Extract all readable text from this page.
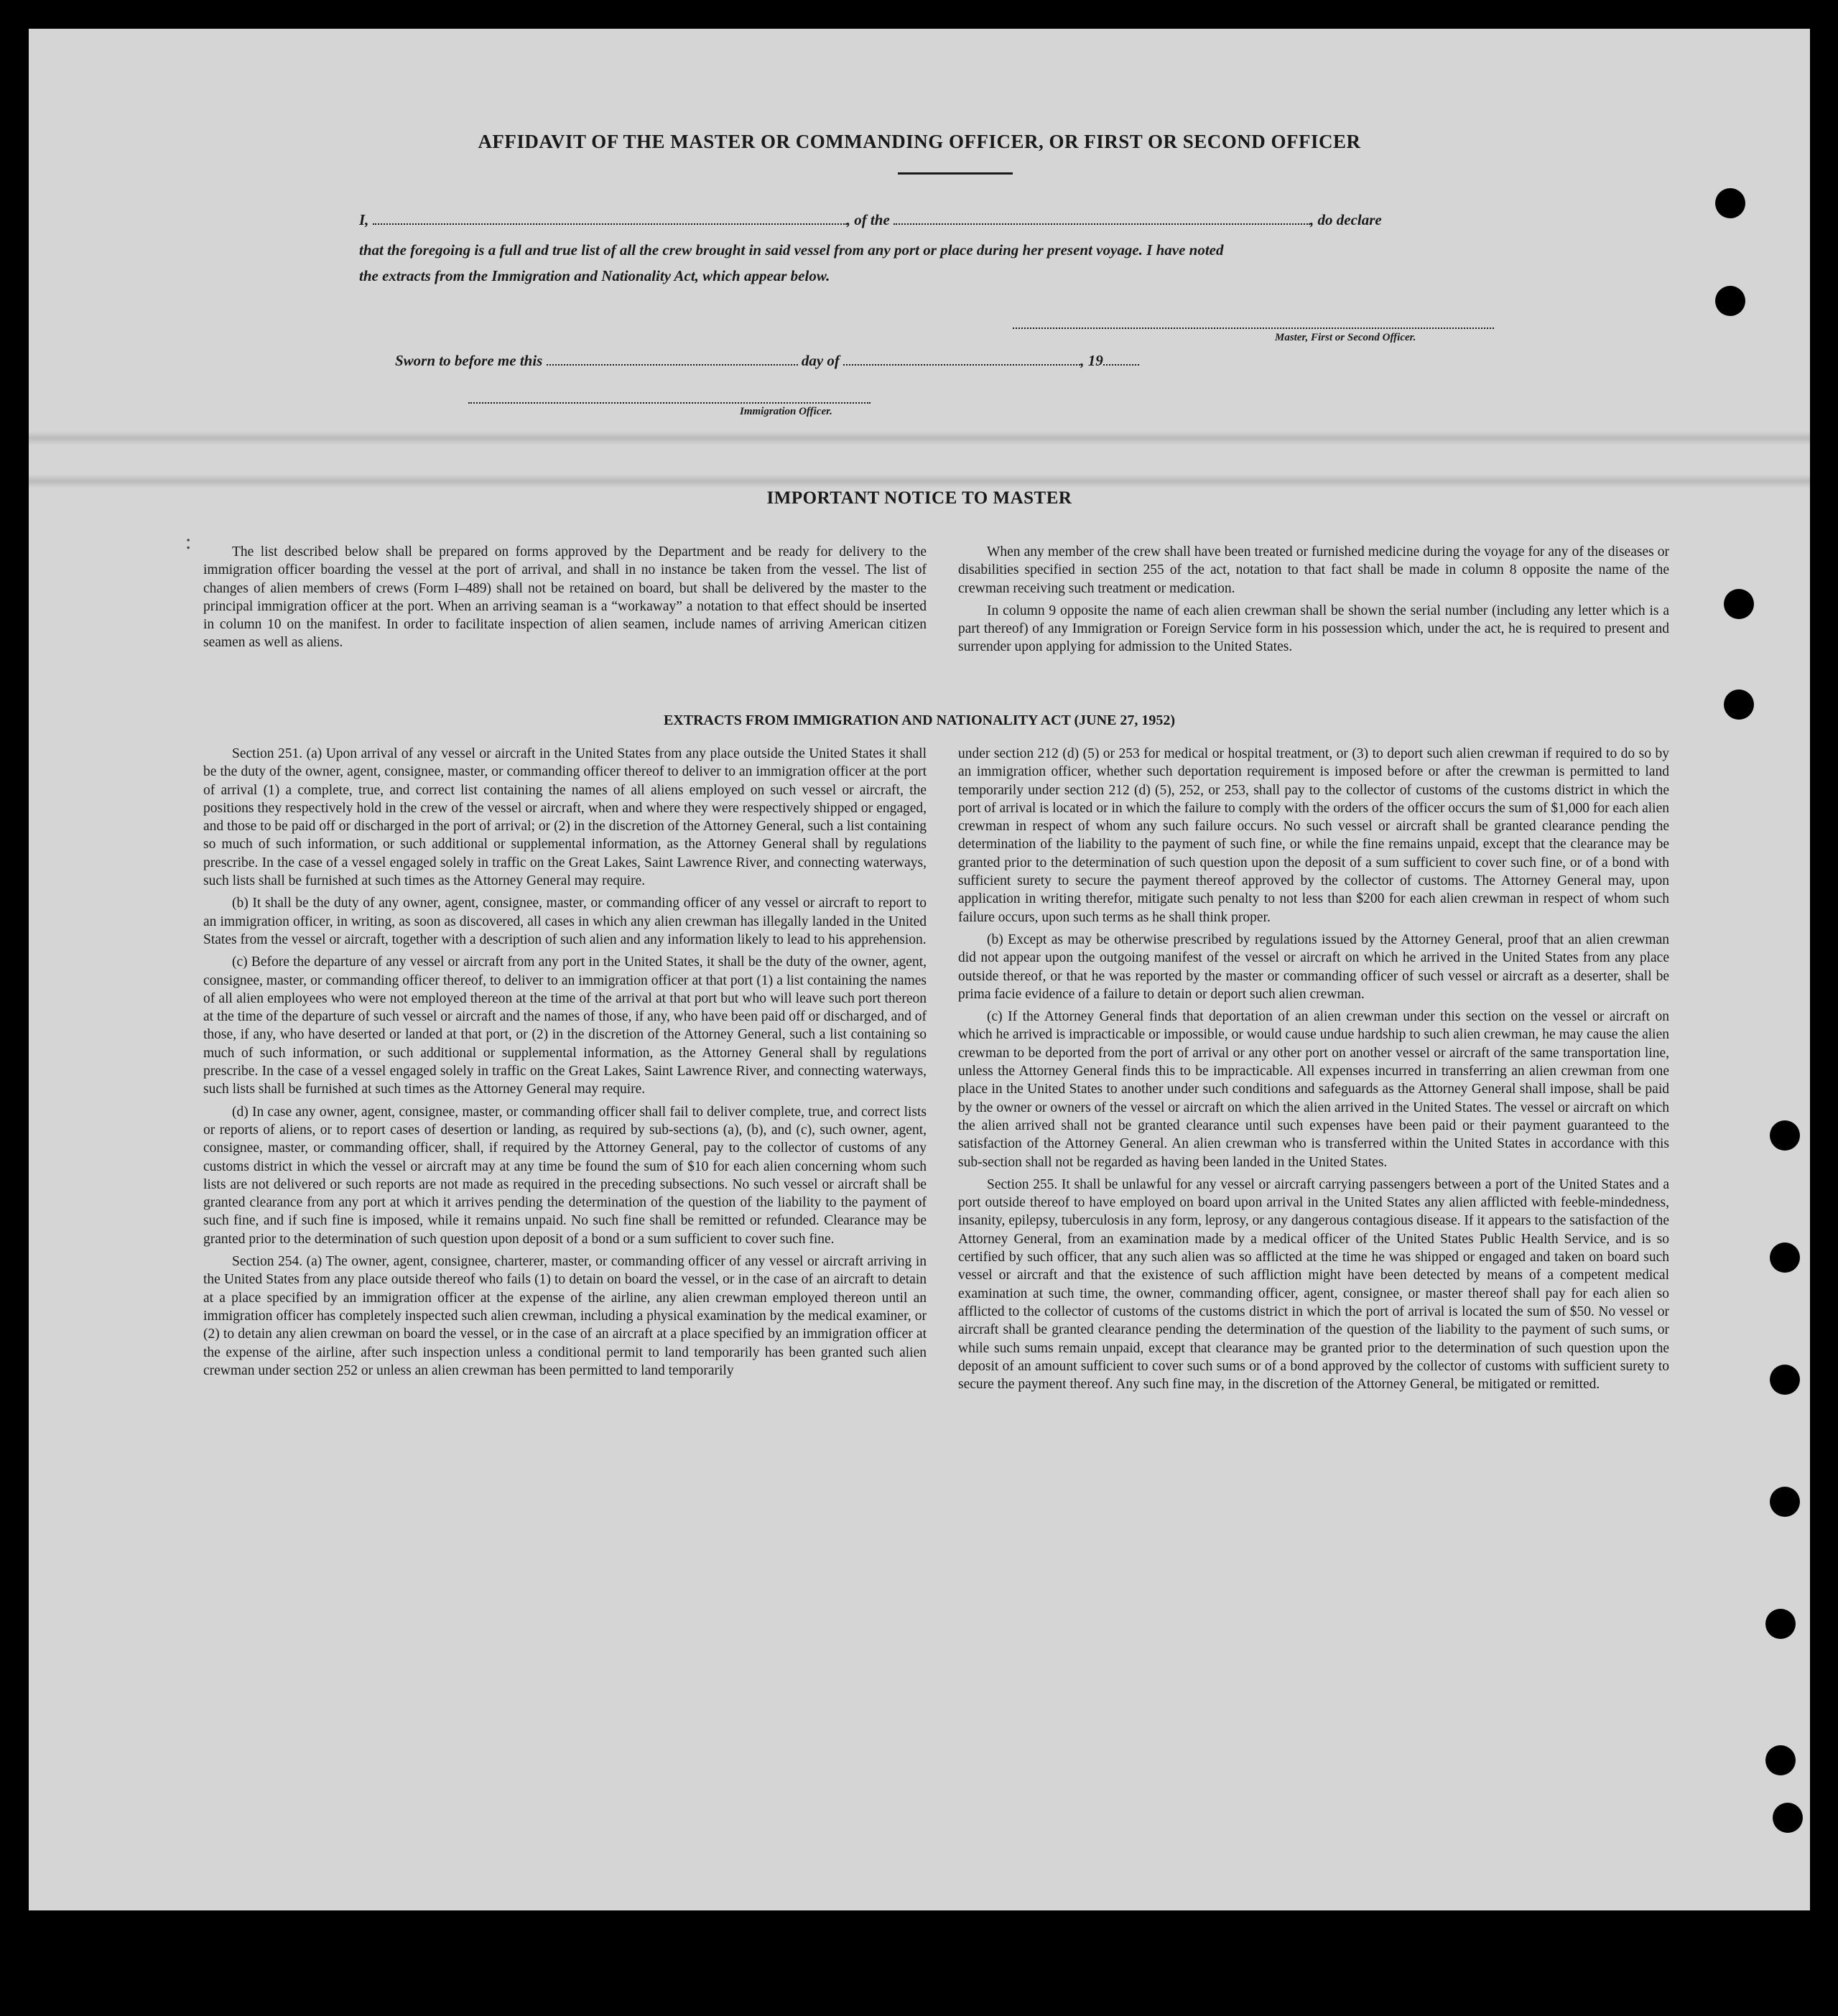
AFFIDAVIT OF THE MASTER OR COMMANDING OFFICER, OR FIRST OR SECOND OFFICER

I,	, of the	, do declare

that the foregoing is a full and true list of all the crew brought in said vessel from any port or place during her present voyage. I have noted

the extracts from the Immigration and Nationality Act, which appear below.

Master, First or Second Officer.

Sworn to before me this	day of	, 19

Immigration Officer.
IMPORTANT NOTICE TO MASTER
:	The list described below shall be prepared on forms approved by the Department and be ready for delivery to the immigration officer boarding the vessel at the port of arrival, and shall in no instance be taken from the vessel. The list of changes of alien members of crews (Form I–489) shall not be retained on board, but shall be delivered by the master to the principal immigration officer at the port. When an arriving seaman is a “workaway” a notation to that effect should be inserted in column 10 on the manifest. In order to facilitate inspection of alien seamen, include names of arriving American citizen seamen as well as aliens.

When any member of the crew shall have been treated or furnished medicine during the voyage for any of the diseases or disabilities specified in section 255 of the act, notation to that fact shall be made in column 8 opposite the name of the crewman receiving such treatment or medication.

In column 9 opposite the name of each alien crewman shall be shown the serial number (including any letter which is a part thereof) of any Immigration or Foreign Service form in his possession which, under the act, he is required to present and surrender upon applying for admission to the United States.

EXTRACTS FROM IMMIGRATION AND NATIONALITY ACT (JUNE 27, 1952)

Section 251. (a) Upon arrival of any vessel or aircraft in the United States from any place outside the United States it shall be the duty of the owner, agent, consignee, master, or commanding officer thereof to deliver to an immigration officer at the port of arrival (1) a complete, true, and correct list containing the names of all aliens employed on such vessel or aircraft, the positions they respectively hold in the crew of the vessel or aircraft, when and where they were respectively shipped or engaged, and those to be paid off or discharged in the port of arrival; or (2) in the discretion of the Attorney General, such a list containing so much of such information, or such additional or supplemental information, as the Attorney General shall by regulations prescribe. In the case of a vessel engaged solely in traffic on the Great Lakes, Saint Lawrence River, and connecting waterways, such lists shall be furnished at such times as the Attorney General may require.

(b) It shall be the duty of any owner, agent, consignee, master, or commanding officer of any vessel or aircraft to report to an immigration officer, in writing, as soon as discovered, all cases in which any alien crewman has illegally landed in the United States from the vessel or aircraft, together with a description of such alien and any information likely to lead to his apprehension.

(c) Before the departure of any vessel or aircraft from any port in the United States, it shall be the duty of the owner, agent, consignee, master, or commanding officer thereof, to deliver to an immigration officer at that port (1) a list containing the names of all alien employees who were not employed thereon at the time of the arrival at that port but who will leave such port thereon at the time of the departure of such vessel or aircraft and the names of those, if any, who have been paid off or discharged, and of those, if any, who have deserted or landed at that port, or (2) in the discretion of the Attorney General, such a list containing so much of such information, or such additional or supplemental information, as the Attorney General shall by regulations prescribe. In the case of a vessel engaged solely in traffic on the Great Lakes, Saint Lawrence River, and connecting waterways, such lists shall be furnished at such times as the Attorney General may require.

(d) In case any owner, agent, consignee, master, or commanding officer shall fail to deliver complete, true, and correct lists or reports of aliens, or to report cases of desertion or landing, as required by sub-sections (a), (b), and (c), such owner, agent, consignee, master, or commanding officer, shall, if required by the Attorney General, pay to the collector of customs of any customs district in which the vessel or aircraft may at any time be found the sum of $10 for each alien concerning whom such lists are not delivered or such reports are not made as required in the preceding subsections. No such vessel or aircraft shall be granted clearance from any port at which it arrives pending the determination of the question of the liability to the payment of such fine, and if such fine is imposed, while it remains unpaid. No such fine shall be remitted or refunded. Clearance may be granted prior to the determination of such question upon deposit of a bond or a sum sufficient to cover such fine.

Section 254. (a) The owner, agent, consignee, charterer, master, or commanding officer of any vessel or aircraft arriving in the United States from any place outside thereof who fails (1) to detain on board the vessel, or in the case of an aircraft to detain at a place specified by an immigration officer at the expense of the airline, any alien crewman employed thereon until an immigration officer has completely inspected such alien crewman, including a physical examination by the medical examiner, or (2) to detain any alien crewman on board the vessel, or in the case of an aircraft at a place specified by an immigration officer at the expense of the airline, after such inspection unless a conditional permit to land temporarily has been granted such alien crewman under section 252 or unless an alien crewman has been permitted to land temporarily

under section 212 (d) (5) or 253 for medical or hospital treatment, or (3) to deport such alien crewman if required to do so by an immigration officer, whether such deportation requirement is imposed before or after the crewman is permitted to land temporarily under section 212 (d) (5), 252, or 253, shall pay to the collector of customs of the customs district in which the port of arrival is located or in which the failure to comply with the orders of the officer occurs the sum of $1,000 for each alien crewman in respect of whom any such failure occurs. No such vessel or aircraft shall be granted clearance pending the determination of the liability to the payment of such fine, or while the fine remains unpaid, except that the clearance may be granted prior to the determination of such question upon the deposit of a sum sufficient to cover such fine, or of a bond with sufficient surety to secure the payment thereof approved by the collector of customs. The Attorney General may, upon application in writing therefor, mitigate such penalty to not less than $200 for each alien crewman in respect of whom such failure occurs, upon such terms as he shall think proper.

(b) Except as may be otherwise prescribed by regulations issued by the Attorney General, proof that an alien crewman did not appear upon the outgoing manifest of the vessel or aircraft on which he arrived in the United States from any place outside thereof, or that he was reported by the master or commanding officer of such vessel or aircraft as a deserter, shall be prima facie evidence of a failure to detain or deport such alien crewman.

(c) If the Attorney General finds that deportation of an alien crewman under this section on the vessel or aircraft on which he arrived is impracticable or impossible, or would cause undue hardship to such alien crewman, he may cause the alien crewman to be deported from the port of arrival or any other port on another vessel or aircraft of the same transportation line, unless the Attorney General finds this to be impracticable. All expenses incurred in transferring an alien crewman from one place in the United States to another under such conditions and safeguards as the Attorney General shall impose, shall be paid by the owner or owners of the vessel or aircraft on which the alien arrived in the United States. The vessel or aircraft on which the alien arrived shall not be granted clearance until such expenses have been paid or their payment guaranteed to the satisfaction of the Attorney General. An alien crewman who is transferred within the United States in accordance with this sub-section shall not be regarded as having been landed in the United States.

Section 255. It shall be unlawful for any vessel or aircraft carrying passengers between a port of the United States and a port outside thereof to have employed on board upon arrival in the United States any alien afflicted with feeble-mindedness, insanity, epilepsy, tuberculosis in any form, leprosy, or any dangerous contagious disease. If it appears to the satisfaction of the Attorney General, from an examination made by a medical officer of the United States Public Health Service, and is so certified by such officer, that any such alien was so afflicted at the time he was shipped or engaged and taken on board such vessel or aircraft and that the existence of such affliction might have been detected by means of a competent medical examination at such time, the owner, commanding officer, agent, consignee, or master thereof shall pay for each alien so afflicted to the collector of customs of the customs district in which the port of arrival is located the sum of $50. No vessel or aircraft shall be granted clearance pending the determination of the question of the liability to the payment of such sums, or while such sums remain unpaid, except that clearance may be granted prior to the determination of such question upon the deposit of an amount sufficient to cover such sums or of a bond approved by the collector of customs with sufficient surety to secure the payment thereof. Any such fine may, in the discretion of the Attorney General, be mitigated or remitted.
